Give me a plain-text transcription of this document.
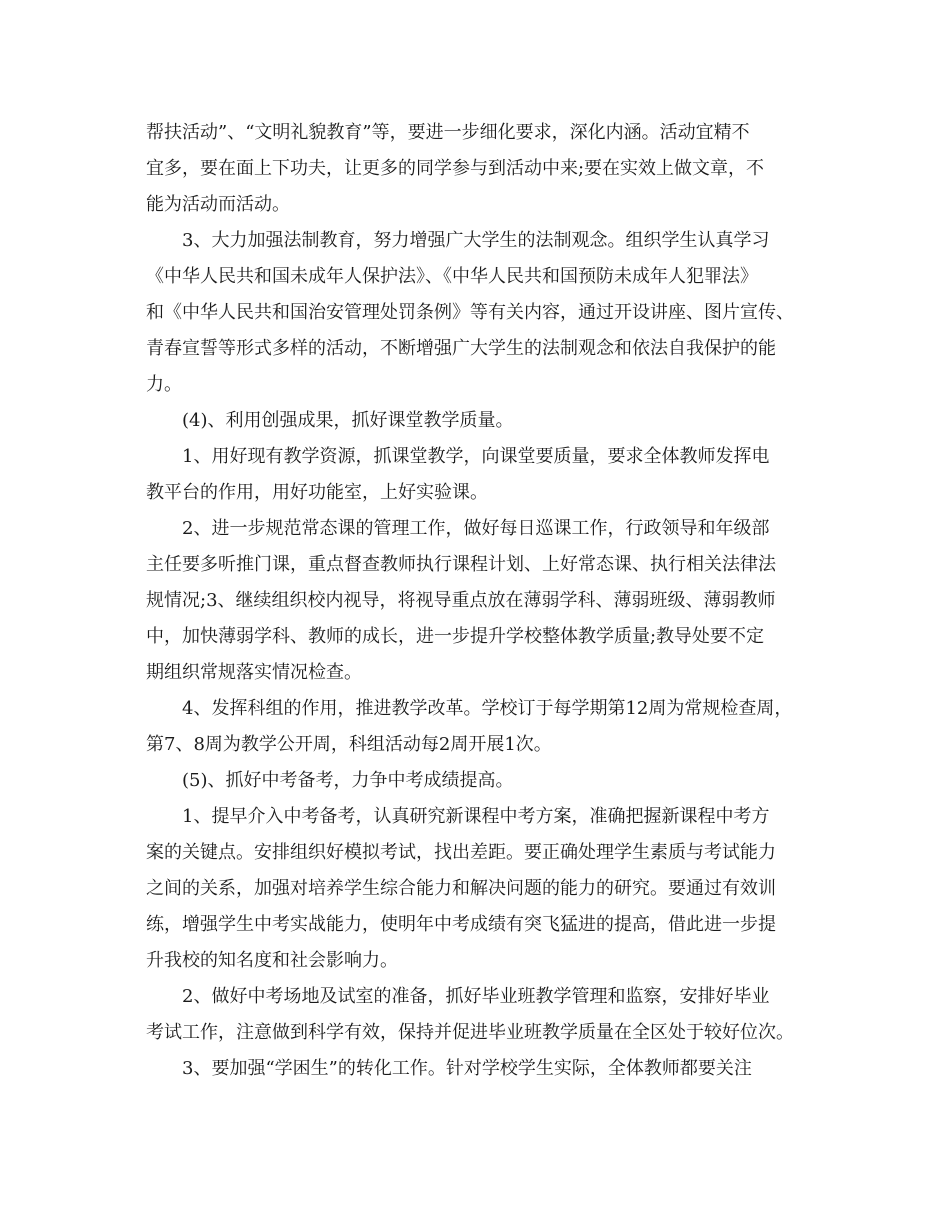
帮扶活动”、“文明礼貌教育”等，要进一步细化要求，深化内涵。活动宜精不
宜多，要在面上下功夫，让更多的同学参与到活动中来;要在实效上做文章，不
能为活动而活动。
3、大力加强法制教育，努力增强广大学生的法制观念。组织学生认真学习
《中华人民共和国未成年人保护法》、《中华人民共和国预防未成年人犯罪法》
和《中华人民共和国治安管理处罚条例》等有关内容，通过开设讲座、图片宣传、
青春宣誓等形式多样的活动，不断增强广大学生的法制观念和依法自我保护的能
力。
(4)、利用创强成果，抓好课堂教学质量。
1、用好现有教学资源，抓课堂教学，向课堂要质量，要求全体教师发挥电
教平台的作用，用好功能室，上好实验课。
2、进一步规范常态课的管理工作，做好每日巡课工作，行政领导和年级部
主任要多听推门课，重点督查教师执行课程计划、上好常态课、执行相关法律法
规情况;3、继续组织校内视导，将视导重点放在薄弱学科、薄弱班级、薄弱教师
中，加快薄弱学科、教师的成长，进一步提升学校整体教学质量;教导处要不定
期组织常规落实情况检查。
4、发挥科组的作用，推进教学改革。学校订于每学期第12周为常规检查周，
第7、8周为教学公开周，科组活动每2周开展1次。
(5)、抓好中考备考，力争中考成绩提高。
1、提早介入中考备考，认真研究新课程中考方案，准确把握新课程中考方
案的关键点。安排组织好模拟考试，找出差距。要正确处理学生素质与考试能力
之间的关系，加强对培养学生综合能力和解决问题的能力的研究。要通过有效训
练，增强学生中考实战能力，使明年中考成绩有突飞猛进的提高，借此进一步提
升我校的知名度和社会影响力。
2、做好中考场地及试室的准备，抓好毕业班教学管理和监察，安排好毕业
考试工作，注意做到科学有效，保持并促进毕业班教学质量在全区处于较好位次。
3、要加强“学困生”的转化工作。针对学校学生实际，全体教师都要关注
